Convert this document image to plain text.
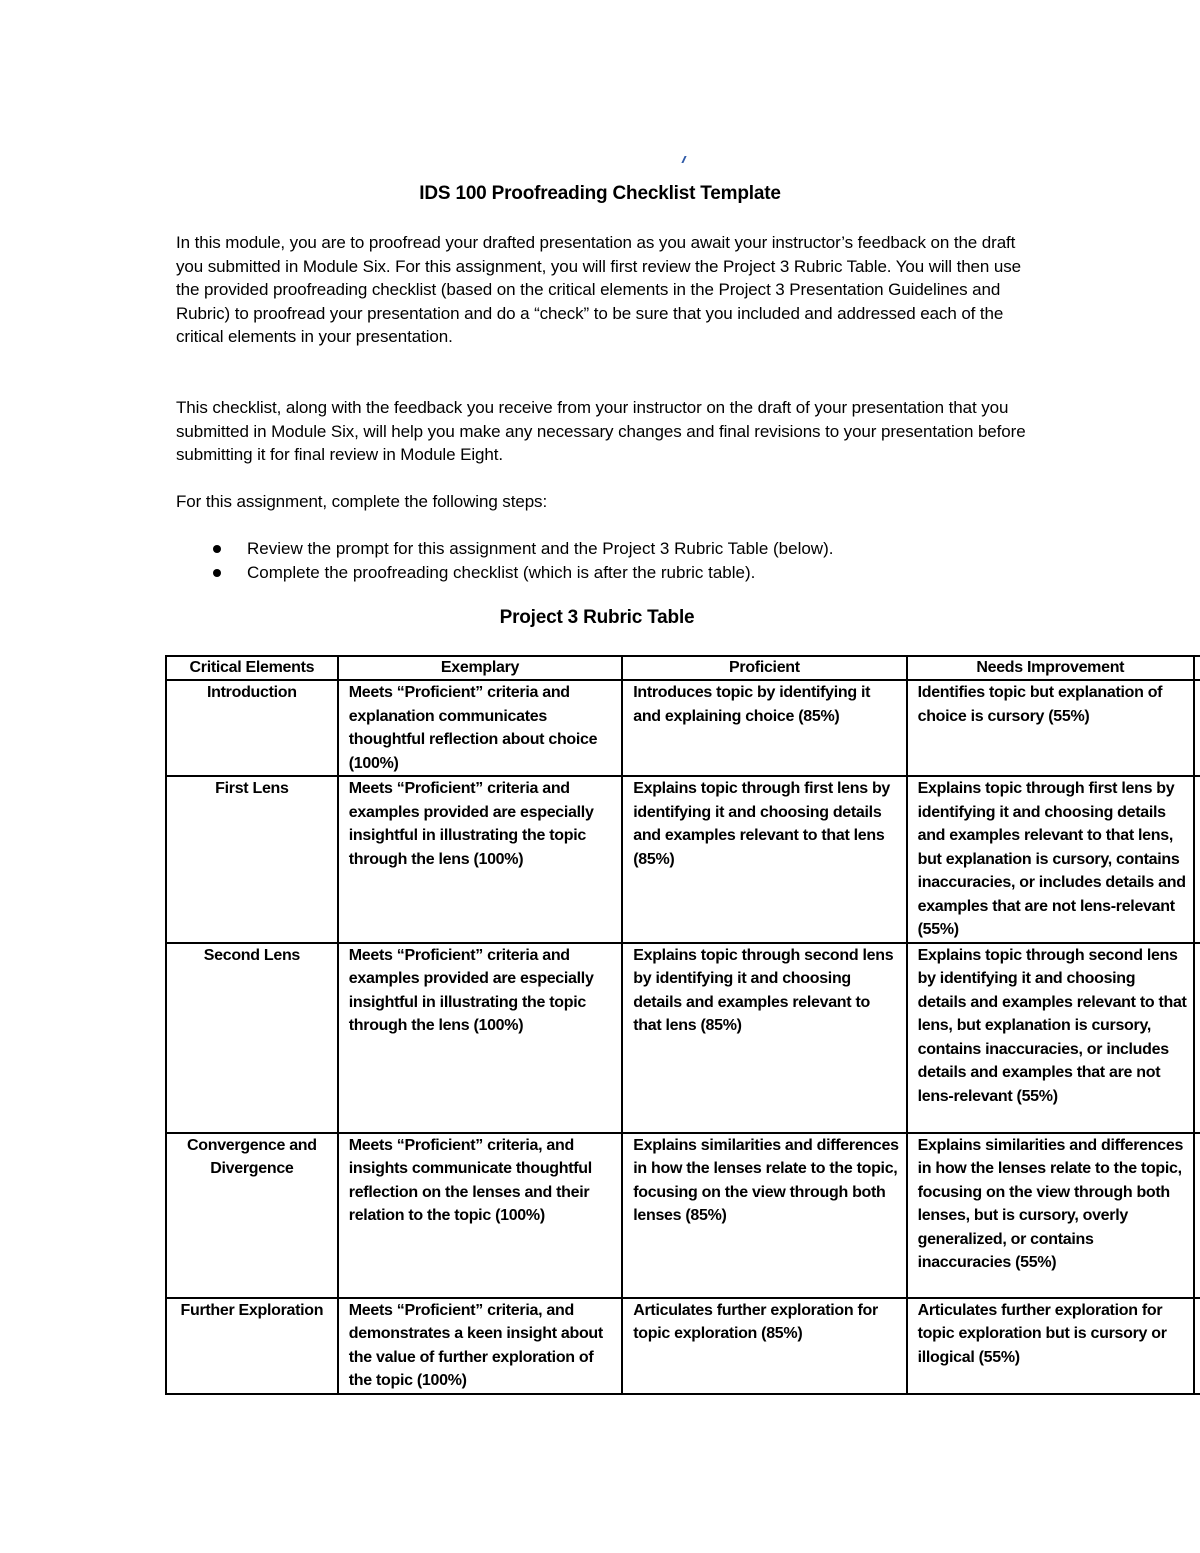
IDS 100 Proofreading Checklist Template
In this module, you are to proofread your drafted presentation as you await your instructor’s feedback on the draft you submitted in Module Six. For this assignment, you will first review the Project 3 Rubric Table. You will then use the provided proofreading checklist (based on the critical elements in the Project 3 Presentation Guidelines and Rubric) to proofread your presentation and do a “check” to be sure that you included and addressed each of the critical elements in your presentation.
This checklist, along with the feedback you receive from your instructor on the draft of your presentation that you submitted in Module Six, will help you make any necessary changes and final revisions to your presentation before submitting it for final review in Module Eight.
For this assignment, complete the following steps:
Review the prompt for this assignment and the Project 3 Rubric Table (below).
Complete the proofreading checklist (which is after the rubric table).
Project 3 Rubric Table
Critical Elements	Exemplary	Proficient	Needs Improvement	
Introduction	Meets “Proficient” criteria and explanation communicates thoughtful reflection about choice (100%)	Introduces topic by identifying it and explaining choice (85%)	Identifies topic but explanation of choice is cursory (55%)	
First Lens	Meets “Proficient” criteria and examples provided are especially insightful in illustrating the topic through the lens (100%)	Explains topic through first lens by identifying it and choosing details and examples relevant to that lens (85%)	Explains topic through first lens by identifying it and choosing details and examples relevant to that lens, but explanation is cursory, contains inaccuracies, or includes details and examples that are not lens-relevant (55%)	
Second Lens	Meets “Proficient” criteria and examples provided are especially insightful in illustrating the topic through the lens (100%)	Explains topic through second lens by identifying it and choosing details and examples relevant to that lens (85%)	Explains topic through second lens by identifying it and choosing details and examples relevant to that lens, but explanation is cursory, contains inaccuracies, or includes details and examples that are not lens-relevant (55%)	
Convergence and Divergence	Meets “Proficient” criteria, and insights communicate thoughtful reflection on the lenses and their relation to the topic (100%)	Explains similarities and differences in how the lenses relate to the topic, focusing on the view through both lenses (85%)	Explains similarities and differences in how the lenses relate to the topic, focusing on the view through both lenses, but is cursory, overly generalized, or contains inaccuracies (55%)	
Further Exploration	Meets “Proficient” criteria, and demonstrates a keen insight about the value of further exploration of the topic (100%)	Articulates further exploration for topic exploration (85%)	Articulates further exploration for topic exploration but is cursory or illogical (55%)	
